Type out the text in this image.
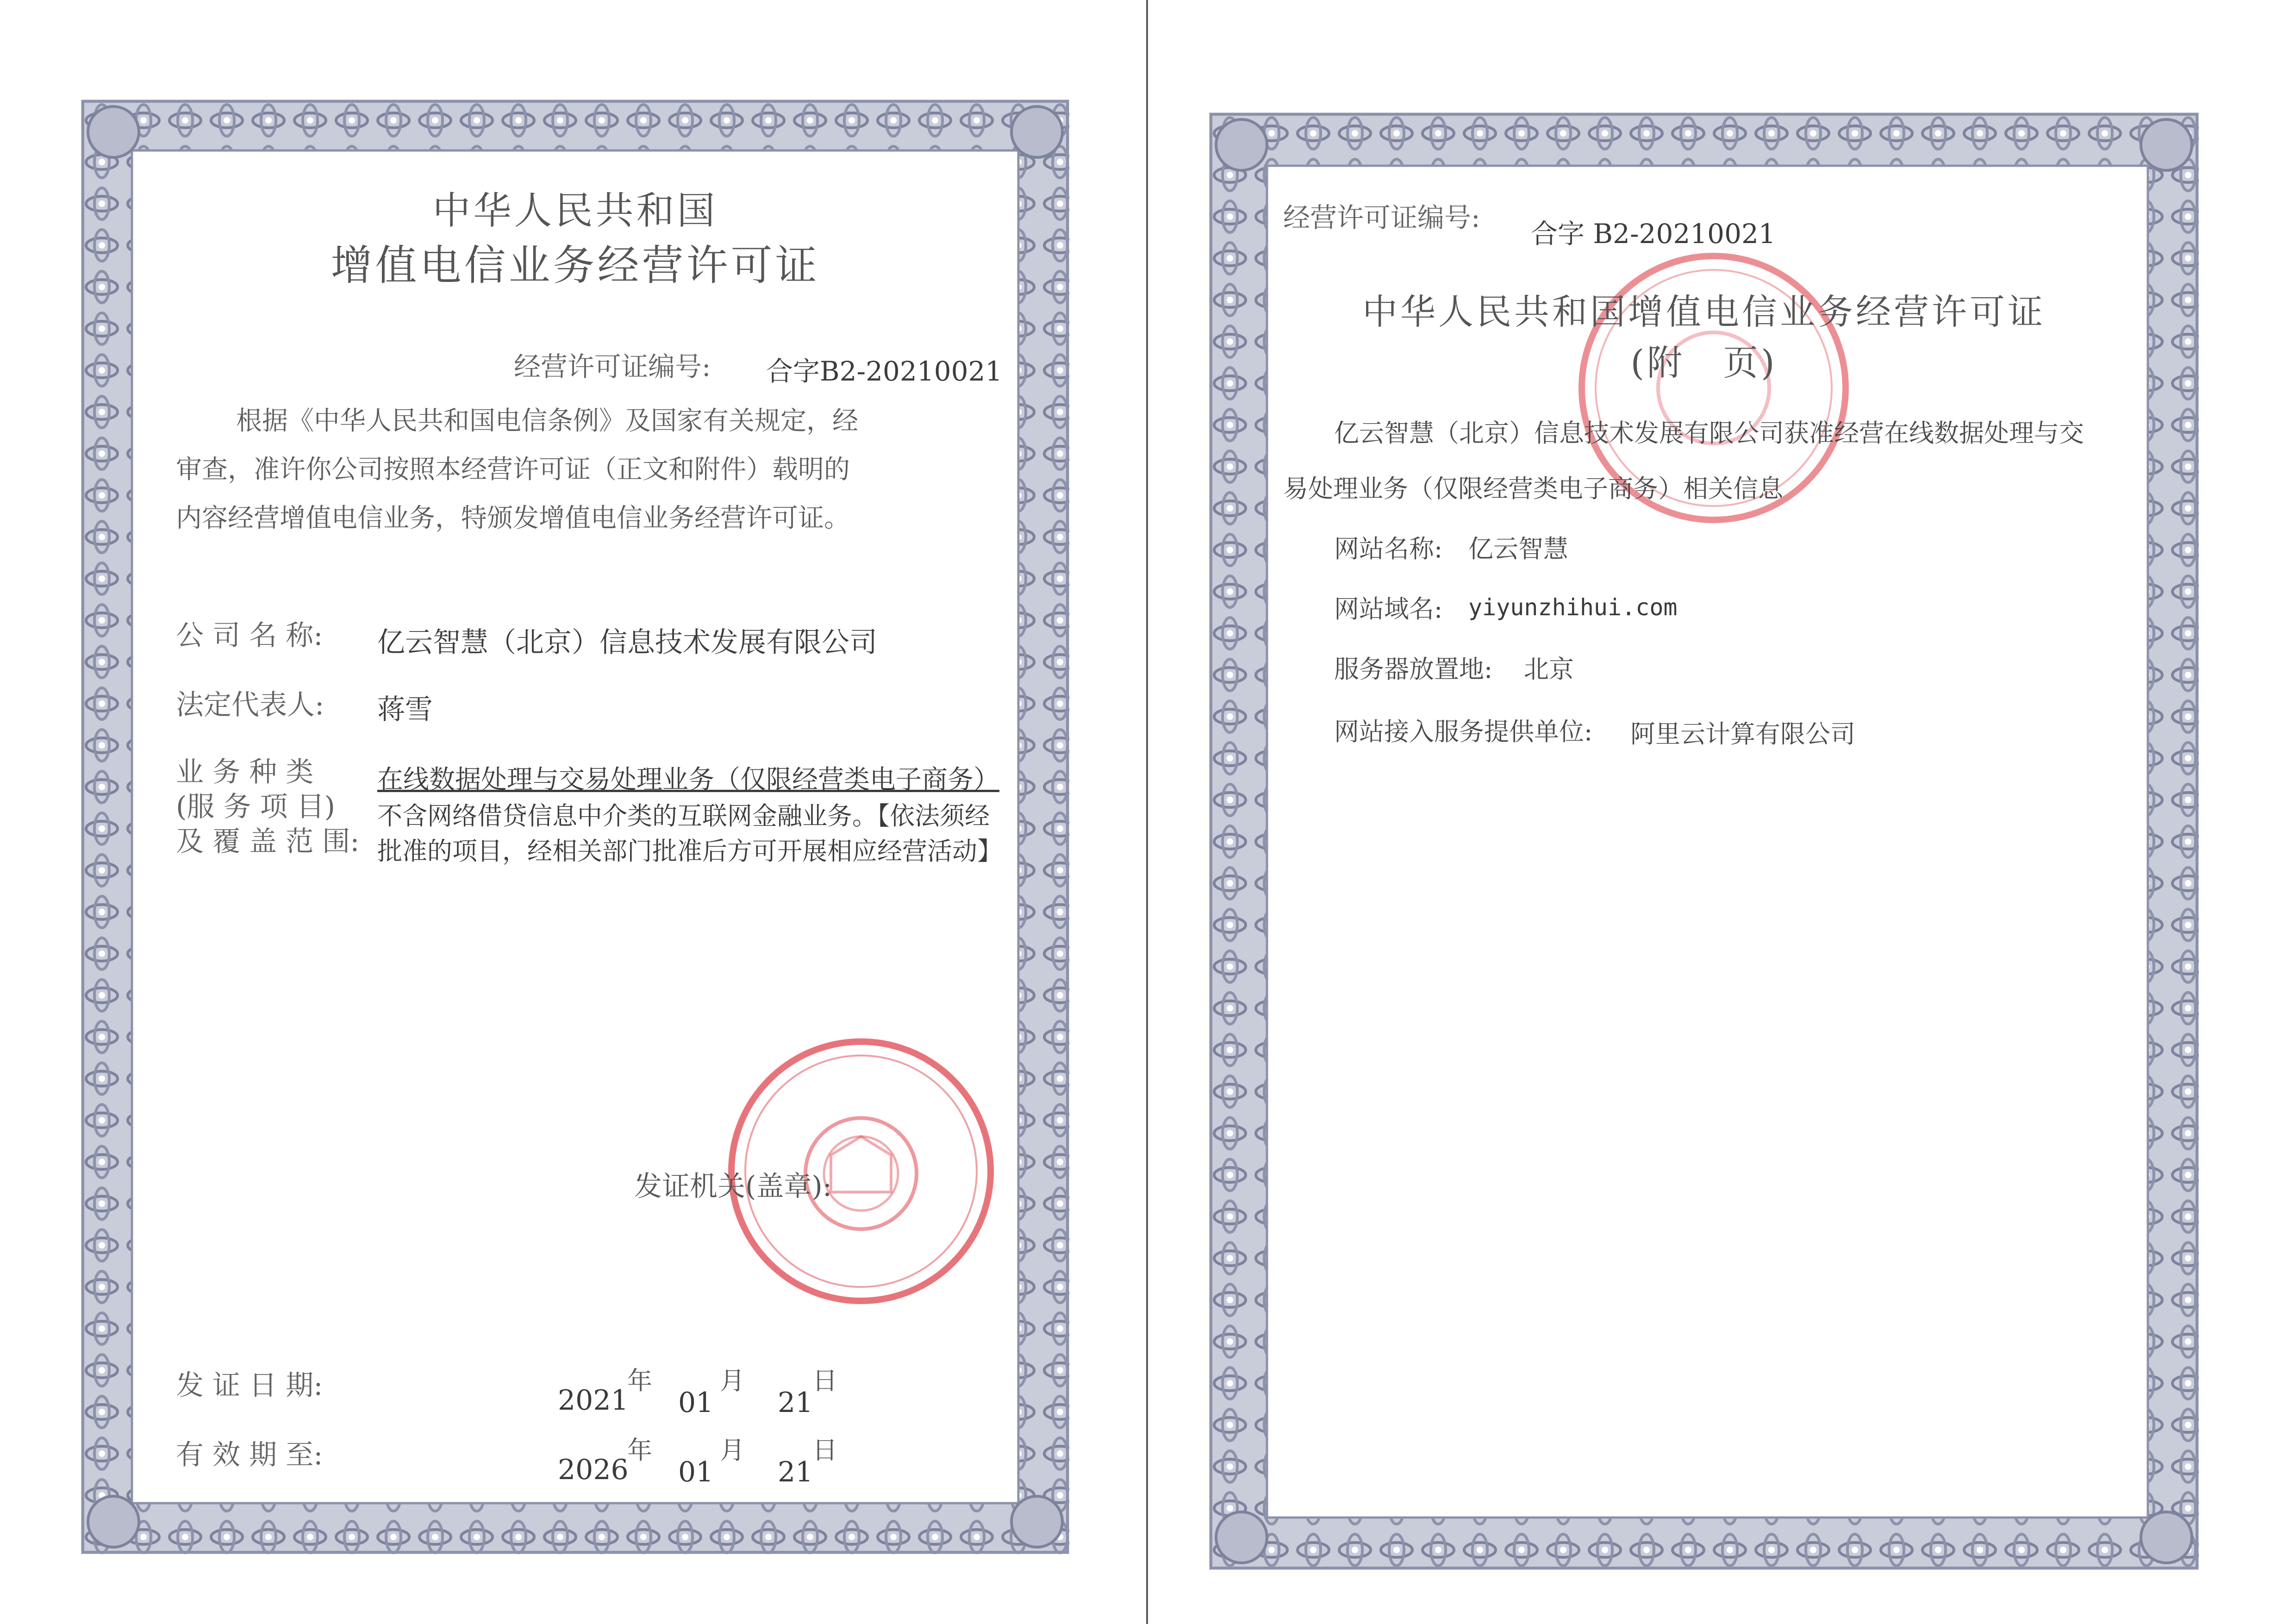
中华人民共和国
增值电信业务经营许可证
经营许可证编号: 合字B2-20210021
根据《中华人民共和国电信条例》及国家有关规定，经
审查，准许你公司按照本经营许可证（正文和附件）载明的
内容经营增值电信业务，特颁发增值电信业务经营许可证。
公 司 名 称: 亿云智慧（北京）信息技术发展有限公司
法定代表人: 蒋雪
业 务 种 类
(服 务 项 目)
及 覆 盖 范 围:
在线数据处理与交易处理业务（仅限经营类电子商务）
不含网络借贷信息中介类的互联网金融业务。【依法须经批准的项目，经相关部门批准后方可开展相应经营活动】
发证机关(盖章):
发 证 日 期:	2021
年
01
月
21
日
有 效 期 至:	2026
年
01
月
21
日
经营许可证编号:
合字 B2-20210021
中华人民共和国增值电信业务经营许可证
(附　页)
亿云智慧（北京）信息技术发展有限公司获准经营在线数据处理与交
易处理业务（仅限经营类电子商务）相关信息
网站名称: 亿云智慧
网站域名: yiyunzhihui.com
服务器放置地: 北京
网站接入服务提供单位: 阿里云计算有限公司
